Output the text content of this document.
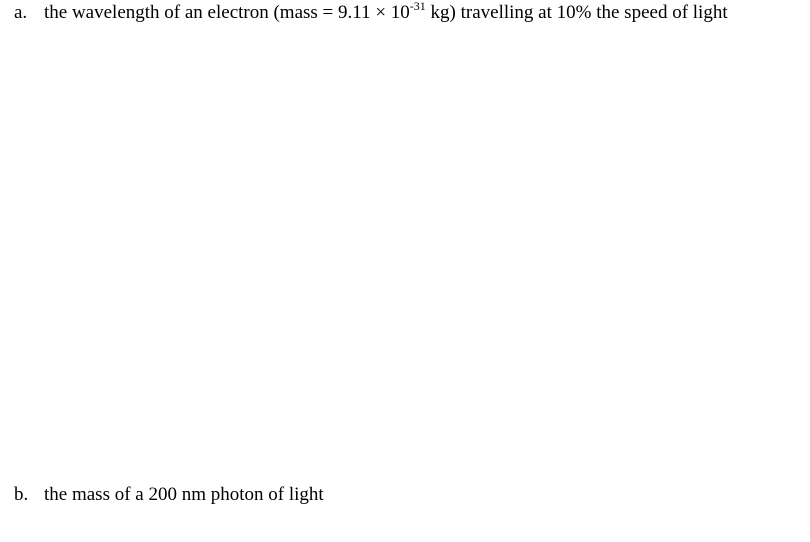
a. the wavelength of an electron (mass = $9.11 \times 10^{-31}$ kg) travelling at 10% the speed of light
b. the mass of a 200 nm photon of light
